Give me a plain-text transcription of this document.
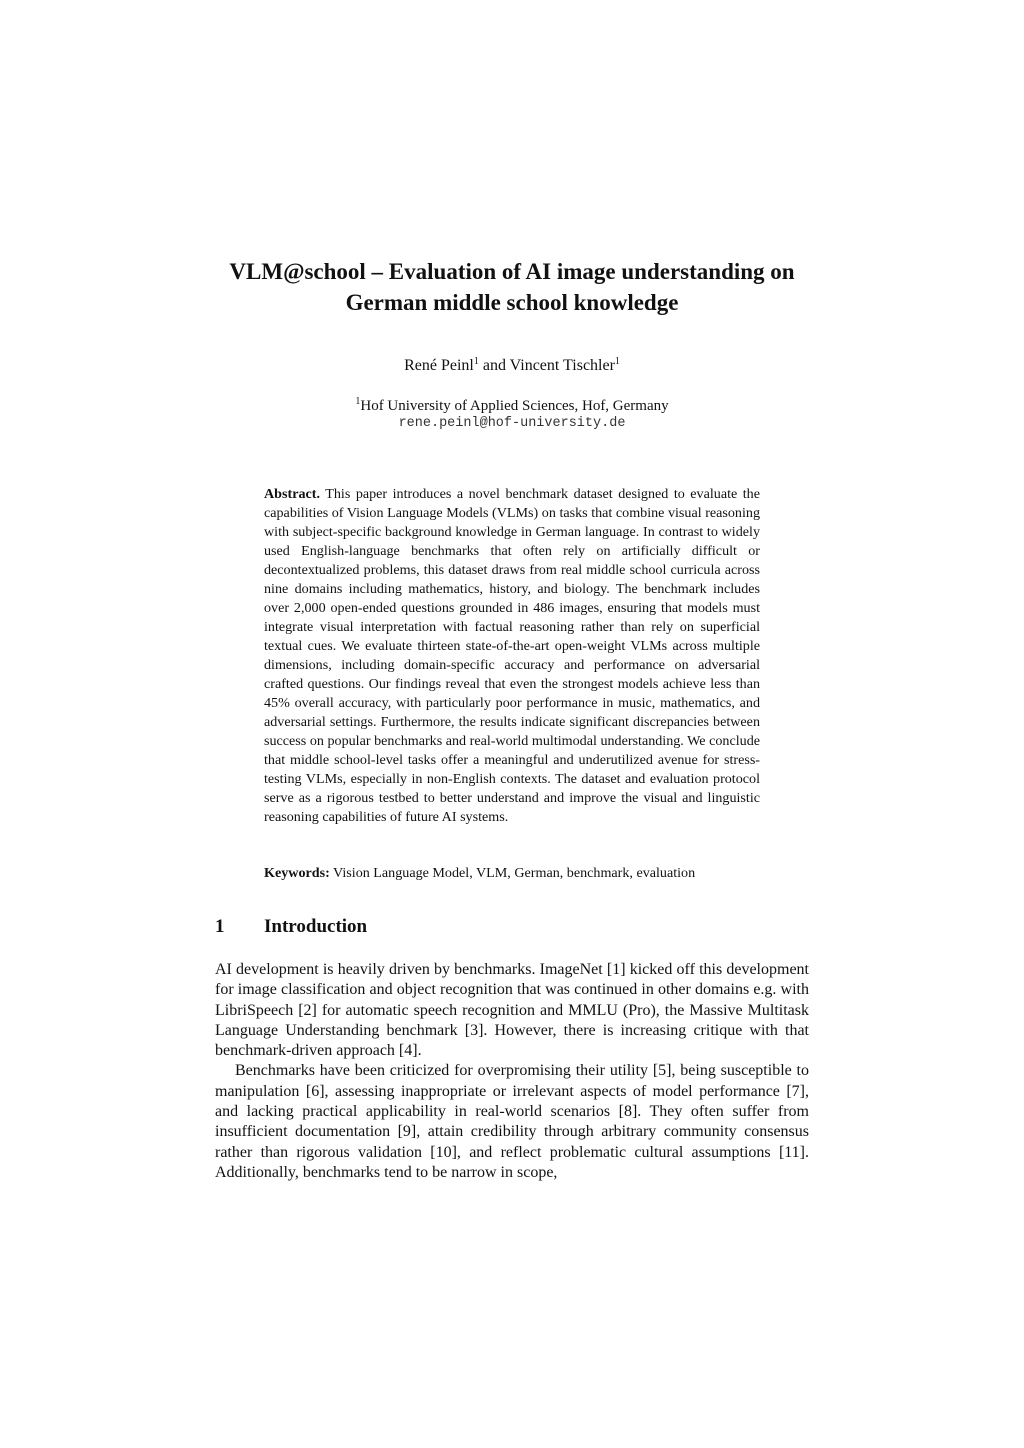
VLM@school – Evaluation of AI image understanding on
German middle school knowledge
René Peinl$^1$ and Vincent Tischler$^1$
$^1$Hof University of Applied Sciences, Hof, Germany
rene.peinl@hof-university.de
Abstract. This paper introduces a novel benchmark dataset designed to evaluate the capabilities of Vision Language Models (VLMs) on tasks that combine visual reasoning with subject-specific background knowledge in German language. In contrast to widely used English-language benchmarks that often rely on artificially difficult or decontextualized problems, this dataset draws from real middle school curricula across nine domains including mathematics, history, and biology. The benchmark includes over 2,000 open-ended questions grounded in 486 images, ensuring that models must integrate visual interpretation with factual reasoning rather than rely on superficial textual cues. We evaluate thirteen state-of-the-art open-weight VLMs across multiple dimensions, including domain-specific accuracy and performance on adversarial crafted questions. Our findings reveal that even the strongest models achieve less than 45% overall accuracy, with particularly poor performance in music, mathematics, and adversarial settings. Furthermore, the results indicate significant discrepancies between success on popular benchmarks and real-world multimodal understanding. We conclude that middle school-level tasks offer a meaningful and underutilized avenue for stress-testing VLMs, especially in non-English contexts. The dataset and evaluation protocol serve as a rigorous testbed to better understand and improve the visual and linguistic reasoning capabilities of future AI systems.
Keywords: Vision Language Model, VLM, German, benchmark, evaluation
1 Introduction

AI development is heavily driven by benchmarks. ImageNet [1] kicked off this development for image classification and object recognition that was continued in other domains e.g. with LibriSpeech [2] for automatic speech recognition and MMLU (Pro), the Massive Multitask Language Understanding benchmark [3]. However, there is increasing critique with that benchmark-driven approach [4].

Benchmarks have been criticized for overpromising their utility [5], being susceptible to manipulation [6], assessing inappropriate or irrelevant aspects of model performance [7], and lacking practical applicability in real-world scenarios [8]. They often suffer from insufficient documentation [9], attain credibility through arbitrary community consensus rather than rigorous validation [10], and reflect problematic cultural assumptions [11]. Additionally, benchmarks tend to be narrow in scope,
